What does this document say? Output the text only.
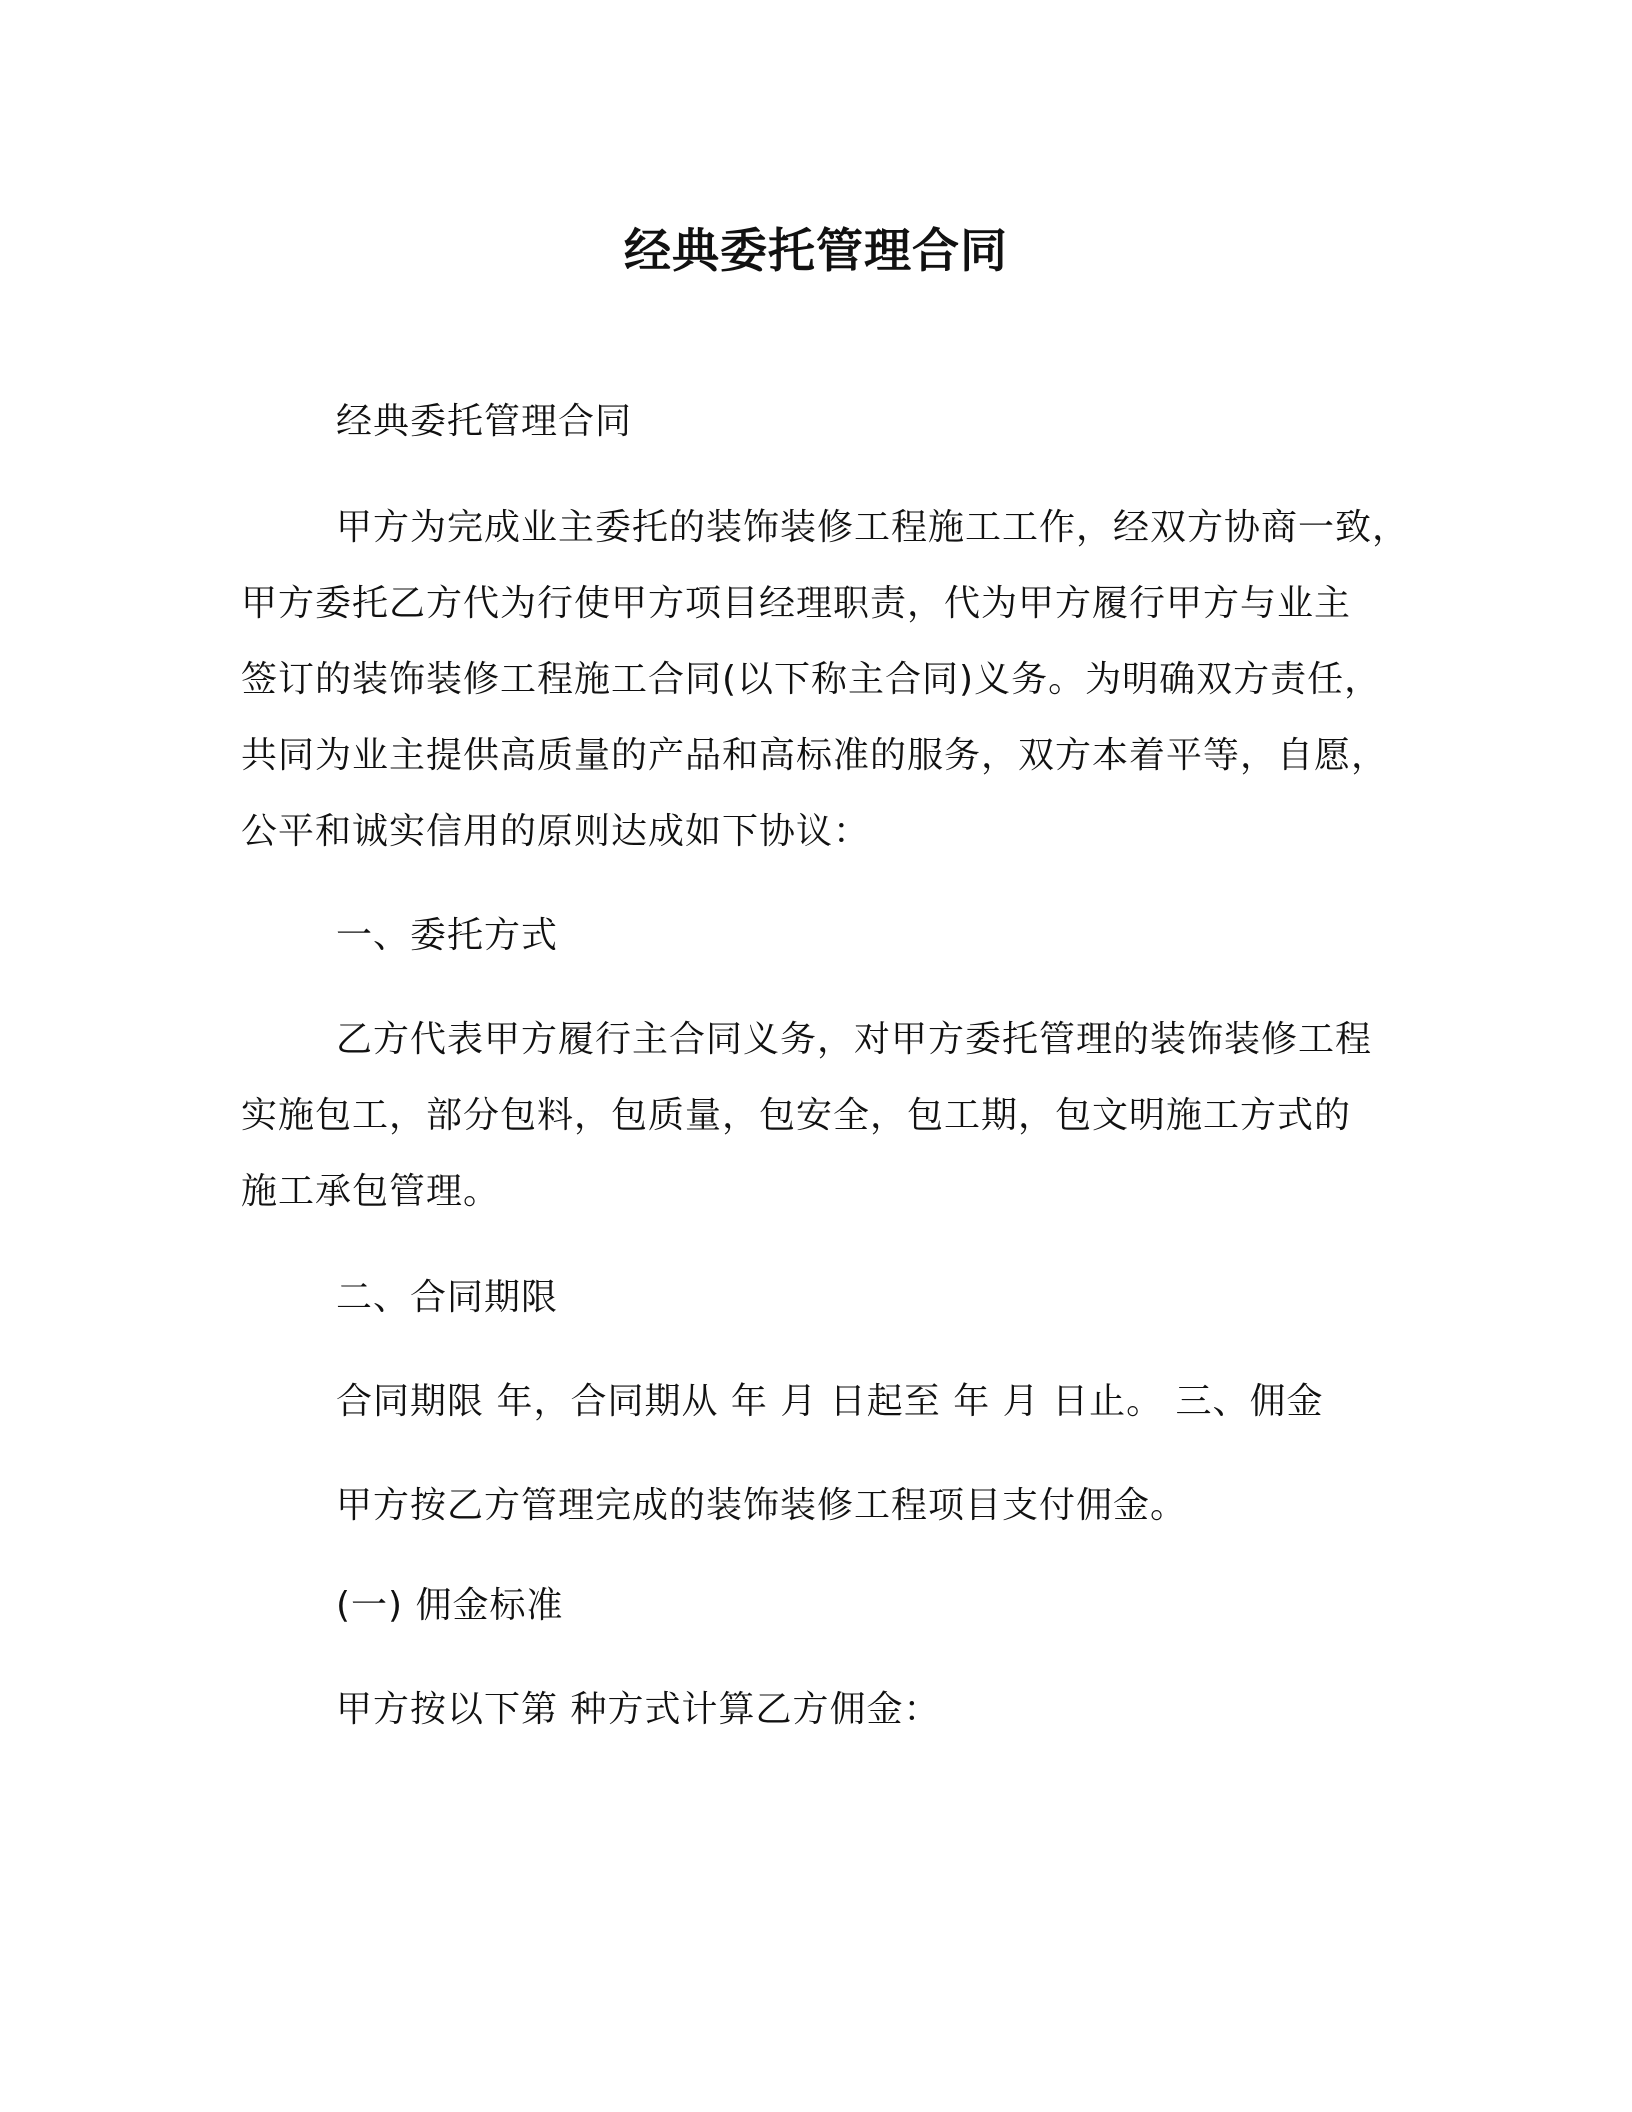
经典委托管理合同
经典委托管理合同
甲方为完成业主委托的装饰装修工程施工工作，经双方协商一致，
甲方委托乙方代为行使甲方项目经理职责，代为甲方履行甲方与业主
签订的装饰装修工程施工合同(以下称主合同)义务。为明确双方责任，
共同为业主提供高质量的产品和高标准的服务，双方本着平等，自愿，
公平和诚实信用的原则达成如下协议：
一、委托方式
乙方代表甲方履行主合同义务，对甲方委托管理的装饰装修工程
实施包工，部分包料，包质量，包安全，包工期，包文明施工方式的
施工承包管理。
二、合同期限
合同期限 年，合同期从 年 月 日起至 年 月 日止。 三、佣金
甲方按乙方管理完成的装饰装修工程项目支付佣金。
(一) 佣金标准
甲方按以下第 种方式计算乙方佣金：
